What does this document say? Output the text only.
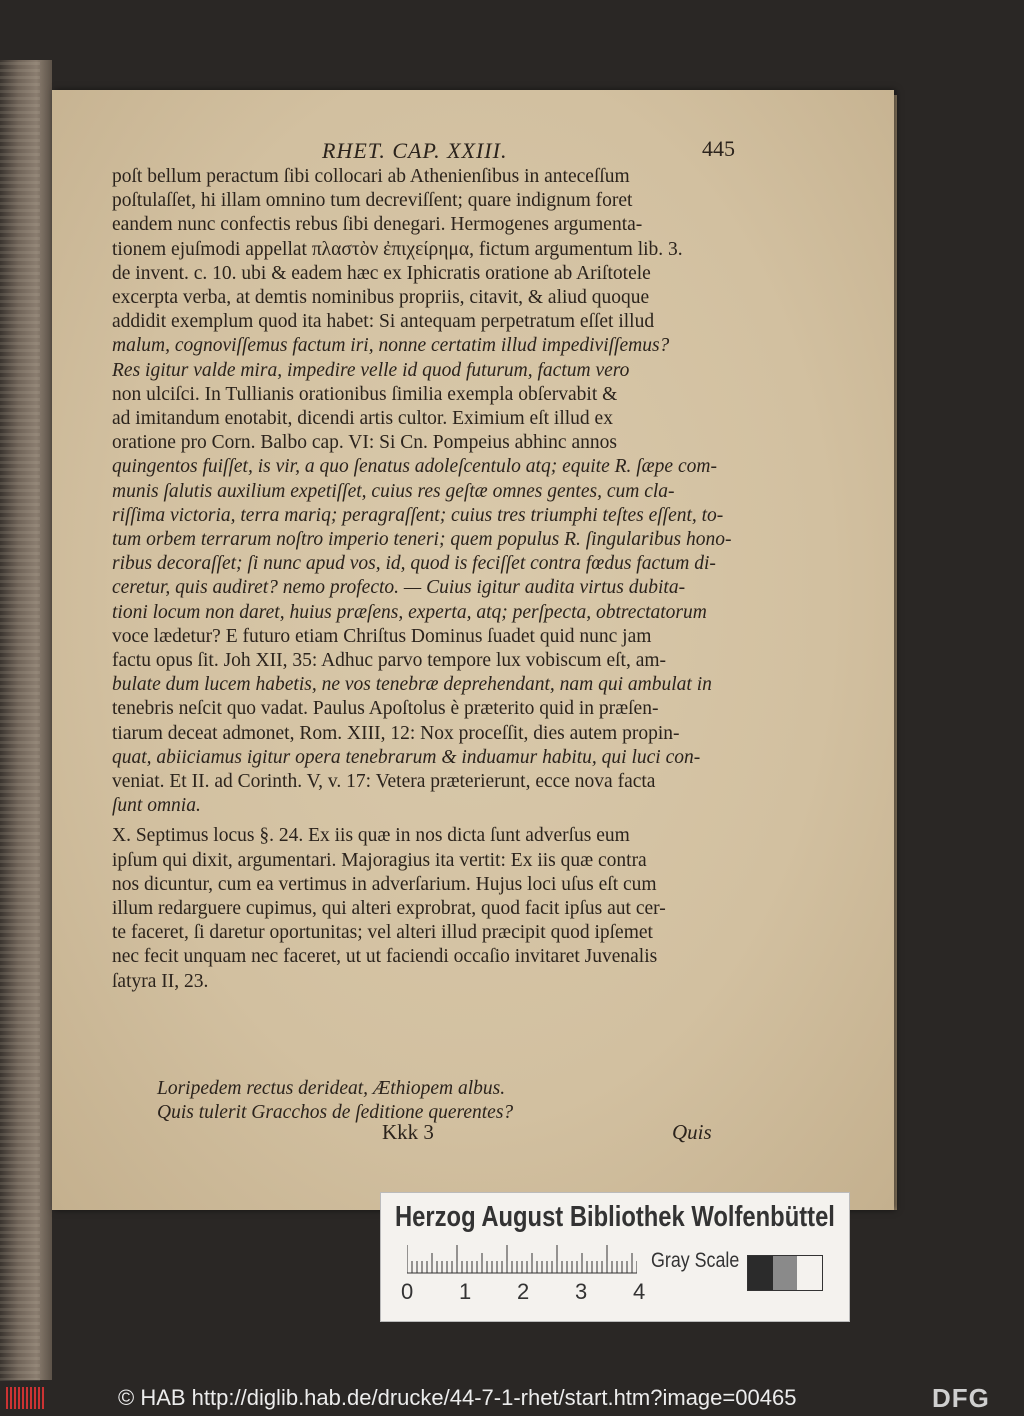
RHET. CAP. XXIII.	445
poſt bellum peractum ſibi collocari ab Athenienſibus in anteceſſum
poſtulaſſet, hi illam omnino tum decreviſſent; quare indignum foret
eandem nunc confectis rebus ſibi denegari. Hermogenes argumenta-
tionem ejuſmodi appellat πλαστὸν ἐπιχείρημα, fictum argumentum lib. 3.
de invent. c. 10. ubi & eadem hæc ex Iphicratis oratione ab Ariſtotele
excerpta verba, at demtis nominibus propriis, citavit, & aliud quoque
addidit exemplum quod ita habet: Si antequam perpetratum eſſet illud
malum, cognoviſſemus factum iri, nonne certatim illud impediviſſemus?
Res igitur valde mira, impedire velle id quod futurum, factum vero
non ulciſci. In Tullianis orationibus ſimilia exempla obſervabit &
ad imitandum enotabit, dicendi artis cultor. Eximium eſt illud ex
oratione pro Corn. Balbo cap. VI: Si Cn. Pompeius abhinc annos
quingentos fuiſſet, is vir, a quo ſenatus adoleſcentulo atq; equite R. ſæpe com-
munis ſalutis auxilium expetiſſet, cuius res geſtæ omnes gentes, cum cla-
riſſima victoria, terra mariq; peragraſſent; cuius tres triumphi teſtes eſſent, to-
tum orbem terrarum noſtro imperio teneri; quem populus R. ſingularibus hono-
ribus decoraſſet; ſi nunc apud vos, id, quod is feciſſet contra fœdus factum di-
ceretur, quis audiret? nemo profecto. — Cuius igitur audita virtus dubita-
tioni locum non daret, huius præſens, experta, atq; perſpecta, obtrectatorum
voce lædetur? E futuro etiam Chriſtus Dominus ſuadet quid nunc jam
factu opus ſit. Joh XII, 35: Adhuc parvo tempore lux vobiscum eſt, am-
bulate dum lucem habetis, ne vos tenebræ deprehendant, nam qui ambulat in
tenebris neſcit quo vadat. Paulus Apoſtolus è præterito quid in præſen-
tiarum deceat admonet, Rom. XIII, 12: Nox proceſſit, dies autem propin-
quat, abiiciamus igitur opera tenebrarum & induamur habitu, qui luci con-
veniat. Et II. ad Corinth. V, v. 17: Vetera præterierunt, ecce nova facta
ſunt omnia.
X. Septimus locus §. 24. Ex iis quæ in nos dicta ſunt adverſus eum
ipſum qui dixit, argumentari. Majoragius ita vertit: Ex iis quæ contra
nos dicuntur, cum ea vertimus in adverſarium. Hujus loci uſus eſt cum
illum redarguere cupimus, qui alteri exprobrat, quod facit ipſus aut cer-
te faceret, ſi daretur oportunitas; vel alteri illud præcipit quod ipſemet
nec fecit unquam nec faceret, ut ut faciendi occaſio invitaret Juvenalis
ſatyra II, 23.
Loripedem rectus derideat, Æthiopem albus.
Quis tulerit Gracchos de ſeditione querentes?
Kkk 3	Quis
Herzog August Bibliothek Wolfenbüttel
0 1 2 3 4
Gray Scale
© HAB http://diglib.hab.de/drucke/44-7-1-rhet/start.htm?image=00465	DFG
